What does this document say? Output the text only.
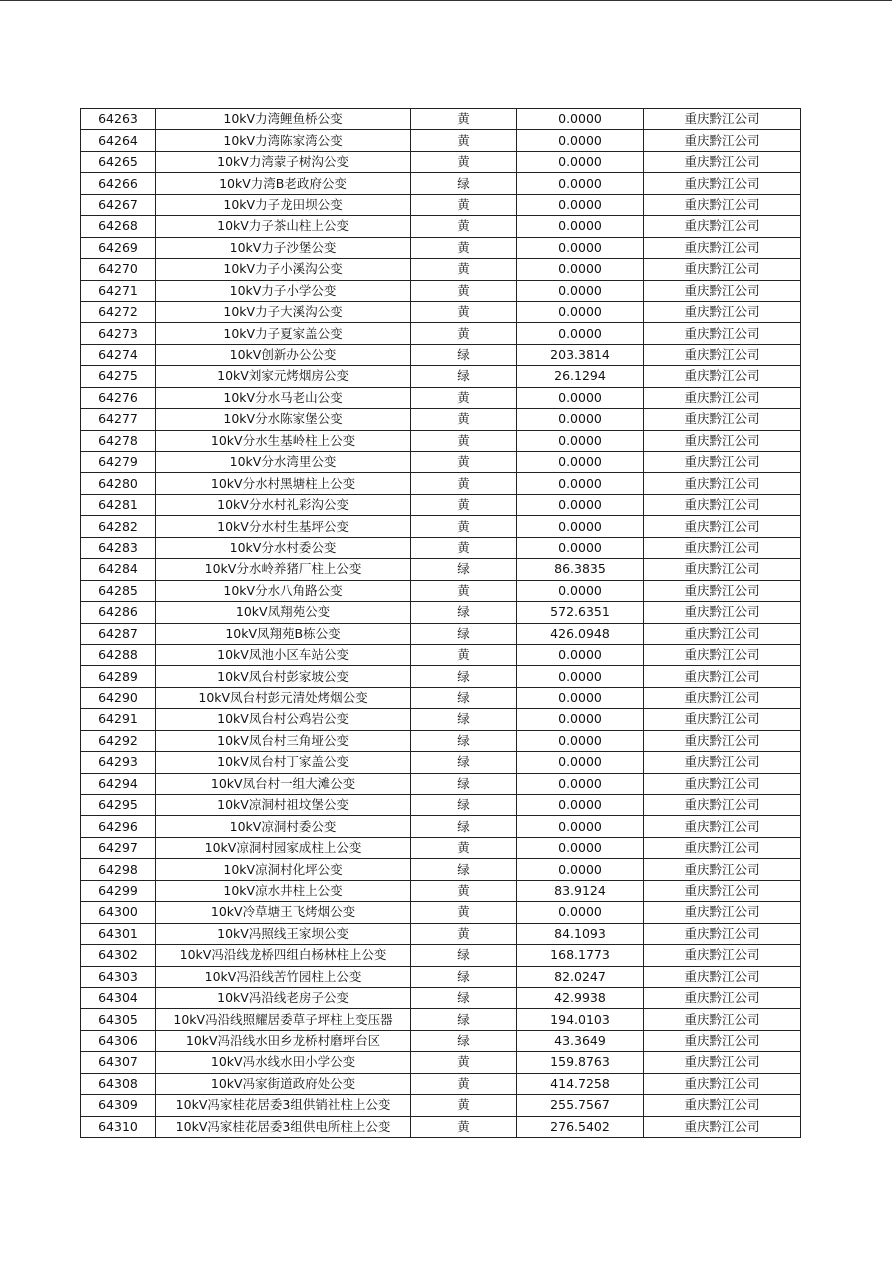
64263	10kV力湾鲤鱼桥公变	黄	0.0000	重庆黔江公司
64264	10kV力湾陈家湾公变	黄	0.0000	重庆黔江公司
64265	10kV力湾蒙子树沟公变	黄	0.0000	重庆黔江公司
64266	10kV力湾B老政府公变	绿	0.0000	重庆黔江公司
64267	10kV力子龙田坝公变	黄	0.0000	重庆黔江公司
64268	10kV力子茶山柱上公变	黄	0.0000	重庆黔江公司
64269	10kV力子沙堡公变	黄	0.0000	重庆黔江公司
64270	10kV力子小溪沟公变	黄	0.0000	重庆黔江公司
64271	10kV力子小学公变	黄	0.0000	重庆黔江公司
64272	10kV力子大溪沟公变	黄	0.0000	重庆黔江公司
64273	10kV力子夏家盖公变	黄	0.0000	重庆黔江公司
64274	10kV创新办公公变	绿	203.3814	重庆黔江公司
64275	10kV刘家元烤烟房公变	绿	26.1294	重庆黔江公司
64276	10kV分水马老山公变	黄	0.0000	重庆黔江公司
64277	10kV分水陈家堡公变	黄	0.0000	重庆黔江公司
64278	10kV分水生基岭柱上公变	黄	0.0000	重庆黔江公司
64279	10kV分水湾里公变	黄	0.0000	重庆黔江公司
64280	10kV分水村黑塘柱上公变	黄	0.0000	重庆黔江公司
64281	10kV分水村礼彩沟公变	黄	0.0000	重庆黔江公司
64282	10kV分水村生基坪公变	黄	0.0000	重庆黔江公司
64283	10kV分水村委公变	黄	0.0000	重庆黔江公司
64284	10kV分水岭养猪厂柱上公变	绿	86.3835	重庆黔江公司
64285	10kV分水八角路公变	黄	0.0000	重庆黔江公司
64286	10kV凤翔苑公变	绿	572.6351	重庆黔江公司
64287	10kV凤翔苑B栋公变	绿	426.0948	重庆黔江公司
64288	10kV凤池小区车站公变	黄	0.0000	重庆黔江公司
64289	10kV凤台村彭家坡公变	绿	0.0000	重庆黔江公司
64290	10kV凤台村彭元清处烤烟公变	绿	0.0000	重庆黔江公司
64291	10kV凤台村公鸡岩公变	绿	0.0000	重庆黔江公司
64292	10kV凤台村三角垭公变	绿	0.0000	重庆黔江公司
64293	10kV凤台村丁家盖公变	绿	0.0000	重庆黔江公司
64294	10kV凤台村一组大滩公变	绿	0.0000	重庆黔江公司
64295	10kV凉洞村祖坟堡公变	绿	0.0000	重庆黔江公司
64296	10kV凉洞村委公变	绿	0.0000	重庆黔江公司
64297	10kV凉洞村园家成柱上公变	黄	0.0000	重庆黔江公司
64298	10kV凉洞村化坪公变	绿	0.0000	重庆黔江公司
64299	10kV凉水井柱上公变	黄	83.9124	重庆黔江公司
64300	10kV冷草塘王飞烤烟公变	黄	0.0000	重庆黔江公司
64301	10kV冯照线王家坝公变	黄	84.1093	重庆黔江公司
64302	10kV冯沿线龙桥四组白杨林柱上公变	绿	168.1773	重庆黔江公司
64303	10kV冯沿线苦竹园柱上公变	绿	82.0247	重庆黔江公司
64304	10kV冯沿线老房子公变	绿	42.9938	重庆黔江公司
64305	10kV冯沿线照耀居委草子坪柱上变压器	绿	194.0103	重庆黔江公司
64306	10kV冯沿线水田乡龙桥村磨坪台区	绿	43.3649	重庆黔江公司
64307	10kV冯水线水田小学公变	黄	159.8763	重庆黔江公司
64308	10kV冯家街道政府处公变	黄	414.7258	重庆黔江公司
64309	10kV冯家桂花居委3组供销社柱上公变	黄	255.7567	重庆黔江公司
64310	10kV冯家桂花居委3组供电所柱上公变	黄	276.5402	重庆黔江公司
